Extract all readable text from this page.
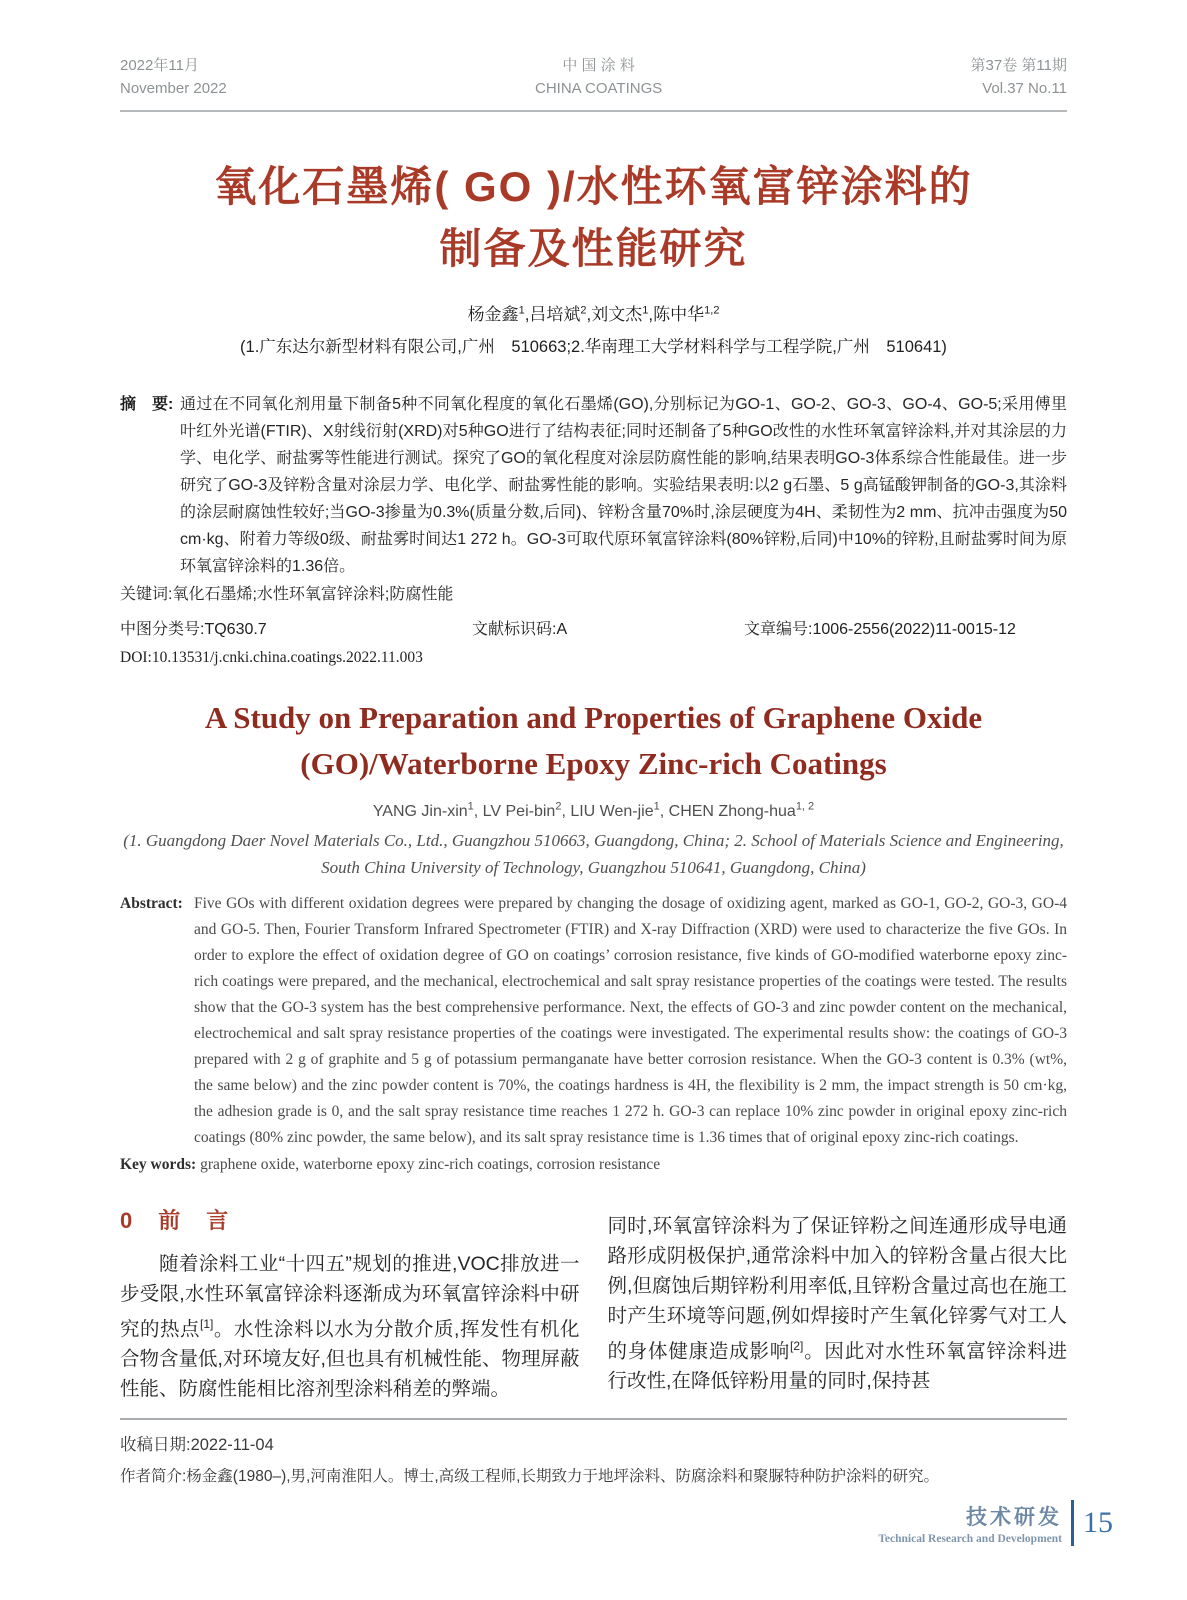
2022年11月
November 2022
中 国 涂 料
CHINA COATINGS
第37卷 第11期
Vol.37 No.11
氧化石墨烯( GO )/水性环氧富锌涂料的
制备及性能研究
杨金鑫$^1$,吕培斌$^2$,刘文杰$^1$,陈中华$^{1,2}$
(1.广东达尔新型材料有限公司,广州　510663;2.华南理工大学材料科学与工程学院,广州　510641)
摘　要: 通过在不同氧化剂用量下制备5种不同氧化程度的氧化石墨烯(GO),分别标记为GO-1、GO-2、GO-3、GO-4、GO-5;采用傅里叶红外光谱(FTIR)、X射线衍射(XRD)对5种GO进行了结构表征;同时还制备了5种GO改性的水性环氧富锌涂料,并对其涂层的力学、电化学、耐盐雾等性能进行测试。探究了GO的氧化程度对涂层防腐性能的影响,结果表明GO-3体系综合性能最佳。进一步研究了GO-3及锌粉含量对涂层力学、电化学、耐盐雾性能的影响。实验结果表明:以2 g石墨、5 g高锰酸钾制备的GO-3,其涂料的涂层耐腐蚀性较好;当GO-3掺量为0.3%(质量分数,后同)、锌粉含量70%时,涂层硬度为4H、柔韧性为2 mm、抗冲击强度为50 cm·kg、附着力等级0级、耐盐雾时间达1 272 h。GO-3可取代原环氧富锌涂料(80%锌粉,后同)中10%的锌粉,且耐盐雾时间为原环氧富锌涂料的1.36倍。
关键词:氧化石墨烯;水性环氧富锌涂料;防腐性能
中图分类号:TQ630.7	文献标识码:A	文章编号:1006-2556(2022)11-0015-12
DOI:10.13531/j.cnki.china.coatings.2022.11.003
A Study on Preparation and Properties of Graphene Oxide
(GO)/Waterborne Epoxy Zinc-rich Coatings
YANG Jin-xin$^1$, LV Pei-bin$^2$, LIU Wen-jie$^1$, CHEN Zhong-hua$^{1, 2}$
(1. Guangdong Daer Novel Materials Co., Ltd., Guangzhou 510663, Guangdong, China; 2. School of Materials Science and Engineering, South China University of Technology, Guangzhou 510641, Guangdong, China)
Abstract: Five GOs with different oxidation degrees were prepared by changing the dosage of oxidizing agent, marked as GO-1, GO-2, GO-3, GO-4 and GO-5. Then, Fourier Transform Infrared Spectrometer (FTIR) and X-ray Diffraction (XRD) were used to characterize the five GOs. In order to explore the effect of oxidation degree of GO on coatings’ corrosion resistance, five kinds of GO-modified waterborne epoxy zinc-rich coatings were prepared, and the mechanical, electrochemical and salt spray resistance properties of the coatings were tested. The results show that the GO-3 system has the best comprehensive performance. Next, the effects of GO-3 and zinc powder content on the mechanical, electrochemical and salt spray resistance properties of the coatings were investigated. The experimental results show: the coatings of GO-3 prepared with 2 g of graphite and 5 g of potassium permanganate have better corrosion resistance. When the GO-3 content is 0.3% (wt%, the same below) and the zinc powder content is 70%, the coatings hardness is 4H, the flexibility is 2 mm, the impact strength is 50 cm·kg, the adhesion grade is 0, and the salt spray resistance time reaches 1 272 h. GO-3 can replace 10% zinc powder in original epoxy zinc-rich coatings (80% zinc powder, the same below), and its salt spray resistance time is 1.36 times that of original epoxy zinc-rich coatings.
Key words: graphene oxide, waterborne epoxy zinc-rich coatings, corrosion resistance
0　前　言
随着涂料工业“十四五”规划的推进,VOC排放进一步受限,水性环氧富锌涂料逐渐成为环氧富锌涂料中研究的热点[1]。水性涂料以水为分散介质,挥发性有机化合物含量低,对环境友好,但也具有机械性能、物理屏蔽性能、防腐性能相比溶剂型涂料稍差的弊端。
同时,环氧富锌涂料为了保证锌粉之间连通形成导电通路形成阴极保护,通常涂料中加入的锌粉含量占很大比例,但腐蚀后期锌粉利用率低,且锌粉含量过高也在施工时产生环境等问题,例如焊接时产生氧化锌雾气对工人的身体健康造成影响[2]。因此对水性环氧富锌涂料进行改性,在降低锌粉用量的同时,保持甚
收稿日期:2022-11-04
作者简介:杨金鑫(1980–),男,河南淮阳人。博士,高级工程师,长期致力于地坪涂料、防腐涂料和聚脲特种防护涂料的研究。
技术研发
Technical Research and Development 15
